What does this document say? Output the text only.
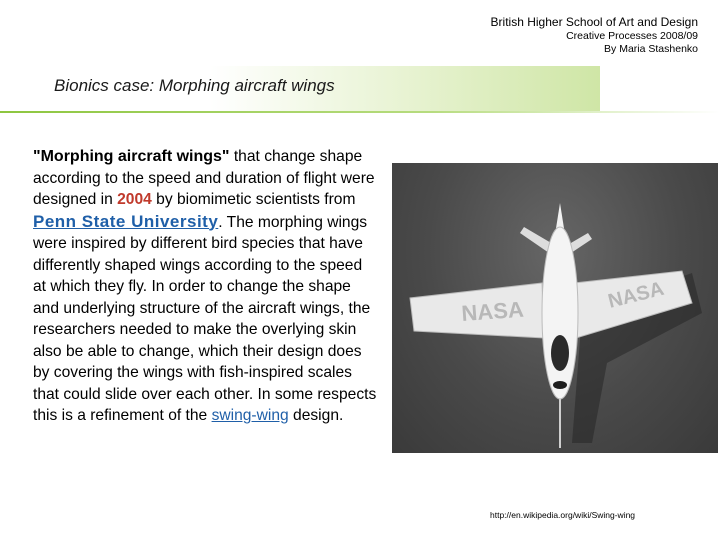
British Higher School of Art and Design
Creative Processes 2008/09
By Maria Stashenko
Bionics case: Morphing aircraft wings
"Morphing aircraft wings" that change shape according to the speed and duration of flight were designed in 2004 by biomimetic scientists from Penn State University. The morphing wings were inspired by different bird species that have differently shaped wings according to the speed at which they fly. In order to change the shape and underlying structure of the aircraft wings, the researchers needed to make the overlying skin also be able to change, which their design does by covering the wings with fish-inspired scales that could slide over each other. In some respects this is a refinement of the swing-wing design.
NASA	NASA
http://en.wikipedia.org/wiki/Swing-wing
